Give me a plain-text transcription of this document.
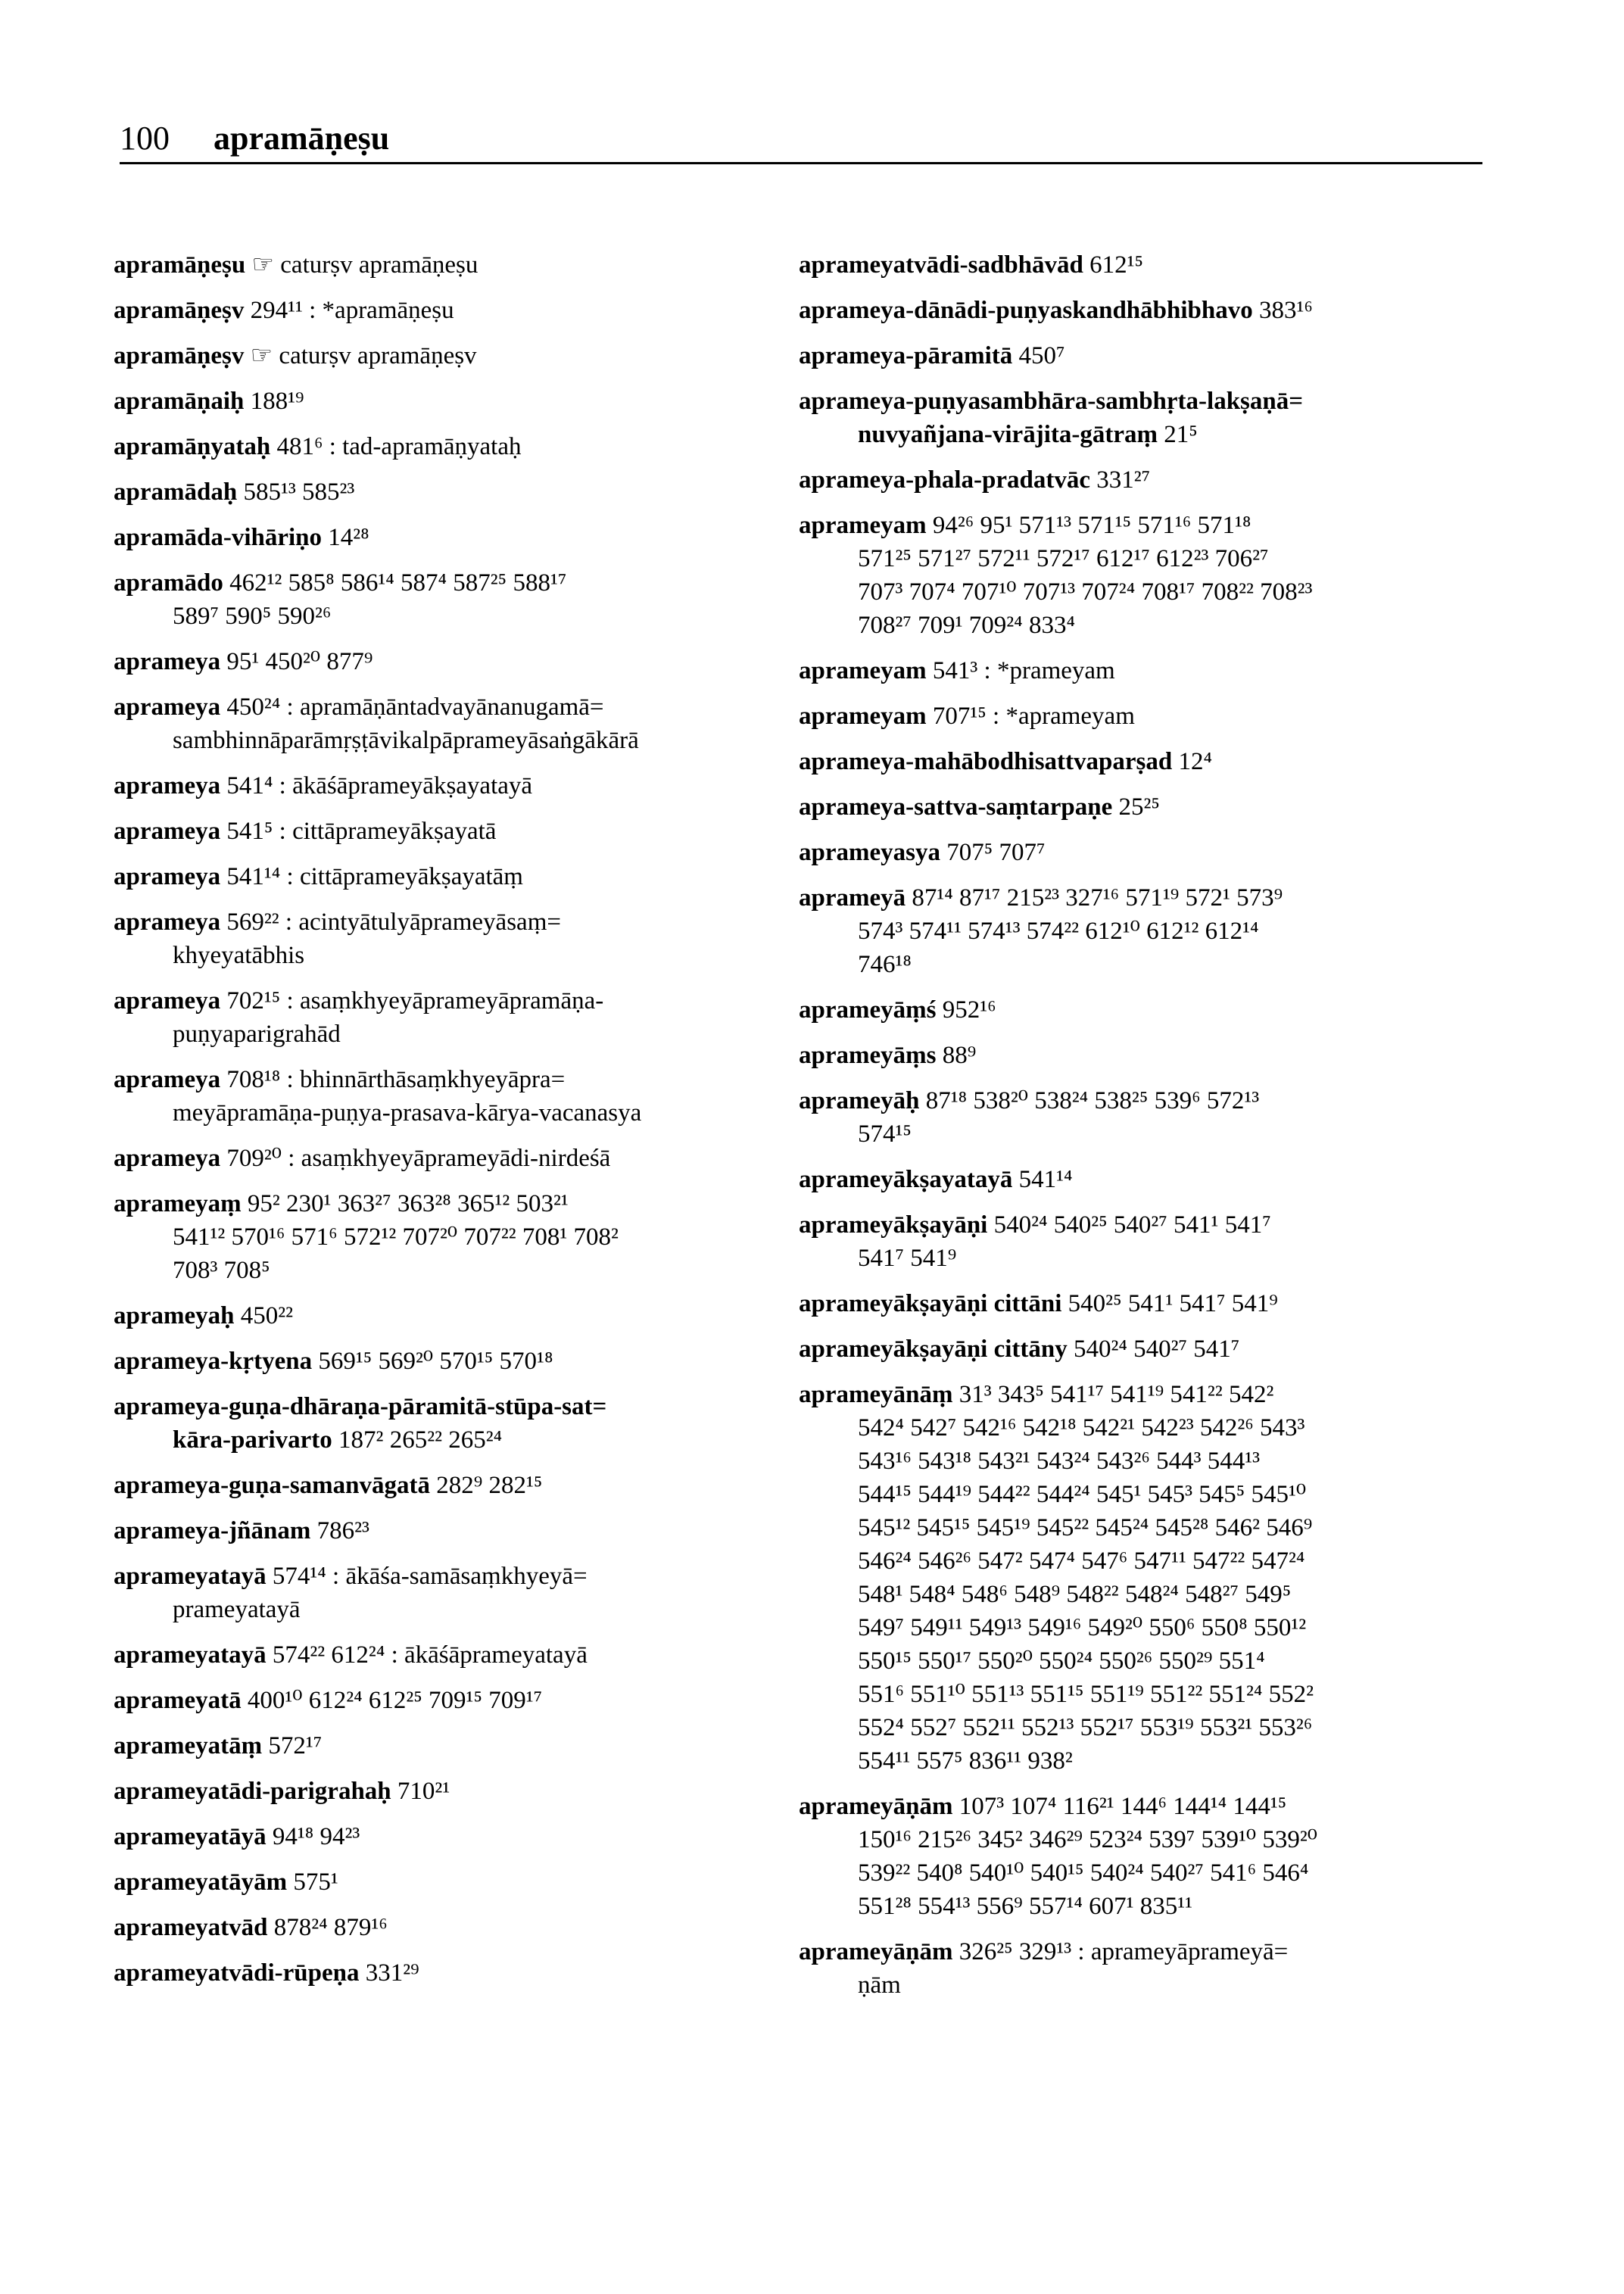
100 apramāṇeṣu
apramāṇeṣu ☞ caturṣv apramāṇeṣu
apramāṇeṣv 294¹¹ : *apramāṇeṣu
apramāṇeṣv ☞ caturṣv apramāṇeṣv
apramāṇaiḥ 188¹⁹
apramāṇyataḥ 481⁶ : tad-apramāṇyataḥ
apramādaḥ 585¹³ 585²³
apramāda-vihāriṇo 14²⁸
apramādo 462¹² 585⁸ 586¹⁴ 587⁴ 587²⁵ 588¹⁷
589⁷ 590⁵ 590²⁶
aprameya 95¹ 450²⁰ 877⁹
aprameya 450²⁴ : apramāṇāntadvayānanugamā=
sambhinnāparāmṛṣṭāvikalpāprameyāsaṅgākārā
aprameya 541⁴ : ākāśāprameyākṣayatayā
aprameya 541⁵ : cittāprameyākṣayatā
aprameya 541¹⁴ : cittāprameyākṣayatāṃ
aprameya 569²² : acintyātulyāprameyāsaṃ=
khyeyatābhis
aprameya 702¹⁵ : asaṃkhyeyāprameyāpramāṇa-
puṇyaparigrahād
aprameya 708¹⁸ : bhinnārthāsaṃkhyeyāpra=
meyāpramāṇa-puṇya-prasava-kārya-vacanasya
aprameya 709²⁰ : asaṃkhyeyāprameyādi-nirdeśā
aprameyaṃ 95² 230¹ 363²⁷ 363²⁸ 365¹² 503²¹
541¹² 570¹⁶ 571⁶ 572¹² 707²⁰ 707²² 708¹ 708²
708³ 708⁵
aprameyaḥ 450²²
aprameya-kṛtyena 569¹⁵ 569²⁰ 570¹⁵ 570¹⁸
aprameya-guṇa-dhāraṇa-pāramitā-stūpa-sat=
kāra-parivarto 187² 265²² 265²⁴
aprameya-guṇa-samanvāgatā 282⁹ 282¹⁵
aprameya-jñānam 786²³
aprameyatayā 574¹⁴ : ākāśa-samāsaṃkhyeyā=
prameyatayā
aprameyatayā 574²² 612²⁴ : ākāśāprameyatayā
aprameyatā 400¹⁰ 612²⁴ 612²⁵ 709¹⁵ 709¹⁷
aprameyatāṃ 572¹⁷
aprameyatādi-parigrahaḥ 710²¹
aprameyatāyā 94¹⁸ 94²³
aprameyatāyām 575¹
aprameyatvād 878²⁴ 879¹⁶
aprameyatvādi-rūpeṇa 331²⁹
aprameyatvādi-sadbhāvād 612¹⁵
aprameya-dānādi-puṇyaskandhābhibhavo 383¹⁶
aprameya-pāramitā 450⁷
aprameya-puṇyasambhāra-sambhṛta-lakṣaṇā=
nuvyañjana-virājita-gātraṃ 21⁵
aprameya-phala-pradatvāc 331²⁷
aprameyam 94²⁶ 95¹ 571¹³ 571¹⁵ 571¹⁶ 571¹⁸
571²⁵ 571²⁷ 572¹¹ 572¹⁷ 612¹⁷ 612²³ 706²⁷
707³ 707⁴ 707¹⁰ 707¹³ 707²⁴ 708¹⁷ 708²² 708²³
708²⁷ 709¹ 709²⁴ 833⁴
aprameyam 541³ : *prameyam
aprameyam 707¹⁵ : *aprameyam
aprameya-mahābodhisattvaparṣad 12⁴
aprameya-sattva-saṃtarpaṇe 25²⁵
aprameyasya 707⁵ 707⁷
aprameyā 87¹⁴ 87¹⁷ 215²³ 327¹⁶ 571¹⁹ 572¹ 573⁹
574³ 574¹¹ 574¹³ 574²² 612¹⁰ 612¹² 612¹⁴
746¹⁸
aprameyāṃś 952¹⁶
aprameyāṃs 88⁹
aprameyāḥ 87¹⁸ 538²⁰ 538²⁴ 538²⁵ 539⁶ 572¹³
574¹⁵
aprameyākṣayatayā 541¹⁴
aprameyākṣayāṇi 540²⁴ 540²⁵ 540²⁷ 541¹ 541⁷
541⁷ 541⁹
aprameyākṣayāṇi cittāni 540²⁵ 541¹ 541⁷ 541⁹
aprameyākṣayāṇi cittāny 540²⁴ 540²⁷ 541⁷
aprameyānāṃ 31³ 343⁵ 541¹⁷ 541¹⁹ 541²² 542²
542⁴ 542⁷ 542¹⁶ 542¹⁸ 542²¹ 542²³ 542²⁶ 543³
543¹⁶ 543¹⁸ 543²¹ 543²⁴ 543²⁶ 544³ 544¹³
544¹⁵ 544¹⁹ 544²² 544²⁴ 545¹ 545³ 545⁵ 545¹⁰
545¹² 545¹⁵ 545¹⁹ 545²² 545²⁴ 545²⁸ 546² 546⁹
546²⁴ 546²⁶ 547² 547⁴ 547⁶ 547¹¹ 547²² 547²⁴
548¹ 548⁴ 548⁶ 548⁹ 548²² 548²⁴ 548²⁷ 549⁵
549⁷ 549¹¹ 549¹³ 549¹⁶ 549²⁰ 550⁶ 550⁸ 550¹²
550¹⁵ 550¹⁷ 550²⁰ 550²⁴ 550²⁶ 550²⁹ 551⁴
551⁶ 551¹⁰ 551¹³ 551¹⁵ 551¹⁹ 551²² 551²⁴ 552²
552⁴ 552⁷ 552¹¹ 552¹³ 552¹⁷ 553¹⁹ 553²¹ 553²⁶
554¹¹ 557⁵ 836¹¹ 938²
aprameyāṇām 107³ 107⁴ 116²¹ 144⁶ 144¹⁴ 144¹⁵
150¹⁶ 215²⁶ 345² 346²⁹ 523²⁴ 539⁷ 539¹⁰ 539²⁰
539²² 540⁸ 540¹⁰ 540¹⁵ 540²⁴ 540²⁷ 541⁶ 546⁴
551²⁸ 554¹³ 556⁹ 557¹⁴ 607¹ 835¹¹
aprameyāṇām 326²⁵ 329¹³ : aprameyāprameyā=
ṇām
